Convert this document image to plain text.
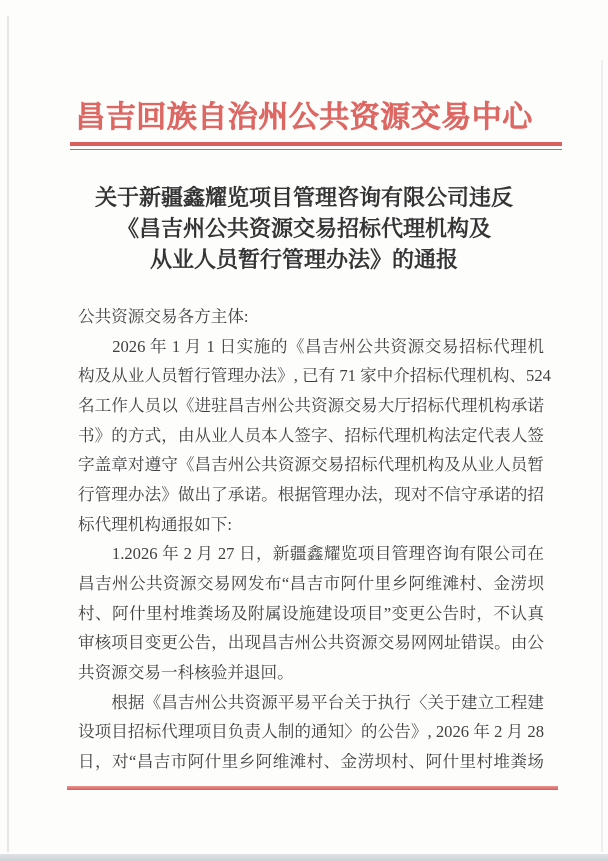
昌吉回族自治州公共资源交易中心
关于新疆鑫耀览项目管理咨询有限公司违反
《昌吉州公共资源交易招标代理机构及
从业人员暂行管理办法》的通报
公共资源交易各方主体:
　　2026 年 1 月 1 日实施的《昌吉州公共资源交易招标代理机
构及从业人员暂行管理办法》, 已有 71 家中介招标代理机构、524
名工作人员以《进驻昌吉州公共资源交易大厅招标代理机构承诺
书》的方式，由从业人员本人签字、招标代理机构法定代表人签
字盖章对遵守《昌吉州公共资源交易招标代理机构及从业人员暂
行管理办法》做出了承诺。根据管理办法，现对不信守承诺的招
标代理机构通报如下:
　　1.2026 年 2 月 27 日，新疆鑫耀览项目管理咨询有限公司在
昌吉州公共资源交易网发布“昌吉市阿什里乡阿维滩村、金涝坝
村、阿什里村堆粪场及附属设施建设项目”变更公告时，不认真
审核项目变更公告，出现昌吉州公共资源交易网网址错误。由公
共资源交易一科核验并退回。
　　根据《昌吉州公共资源平易平台关于执行〈关于建立工程建
设项目招标代理项目负责人制的通知〉的公告》, 2026 年 2 月 28
日，对“昌吉市阿什里乡阿维滩村、金涝坝村、阿什里村堆粪场
